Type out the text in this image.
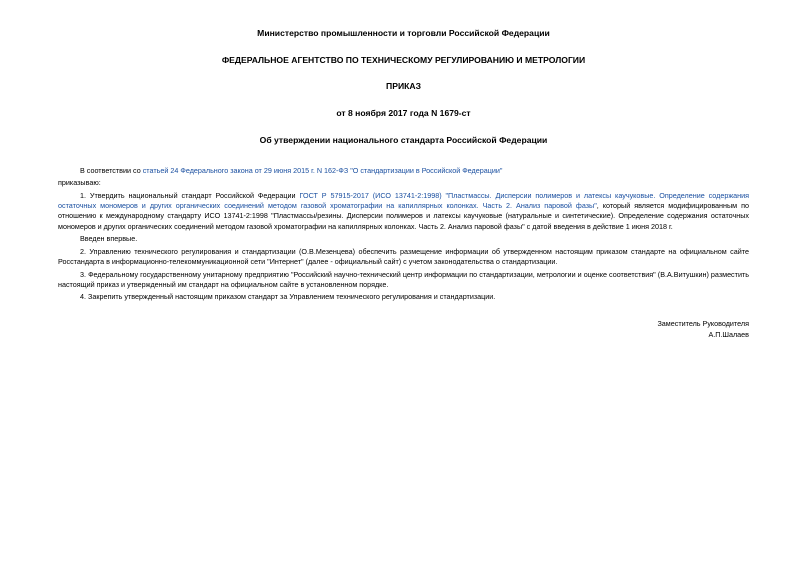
Министерство промышленности и торговли Российской Федерации
ФЕДЕРАЛЬНОЕ АГЕНТСТВО ПО ТЕХНИЧЕСКОМУ РЕГУЛИРОВАНИЮ И МЕТРОЛОГИИ
ПРИКАЗ
от 8 ноября 2017 года N 1679-ст
Об утверждении национального стандарта Российской Федерации

В соответствии со статьей 24 Федерального закона от 29 июня 2015 г. N 162-ФЗ "О стандартизации в Российской Федерации"

приказываю:

1. Утвердить национальный стандарт Российской Федерации ГОСТ Р 57915-2017 (ИСО 13741-2:1998) "Пластмассы. Дисперсии полимеров и латексы каучуковые. Определение содержания остаточных мономеров и других органических соединений методом газовой хроматографии на капиллярных колонках. Часть 2. Анализ паровой фазы", который является модифицированным по отношению к международному стандарту ИСО 13741-2:1998 "Пластмассы/резины. Дисперсии полимеров и латексы каучуковые (натуральные и синтетические). Определение содержания остаточных мономеров и других органических соединений методом газовой хроматографии на капиллярных колонках. Часть 2. Анализ паровой фазы" с датой введения в действие 1 июня 2018 г.

Введен впервые.

2. Управлению технического регулирования и стандартизации (О.В.Мезенцева) обеспечить размещение информации об утвержденном настоящим приказом стандарте на официальном сайте Росстандарта в информационно-телекоммуникационной сети "Интернет" (далее - официальный сайт) с учетом законодательства о стандартизации.

3. Федеральному государственному унитарному предприятию "Российский научно-технический центр информации по стандартизации, метрологии и оценке соответствия" (В.А.Витушкин) разместить настоящий приказ и утвержденный им стандарт на официальном сайте в установленном порядке.

4. Закрепить утвержденный настоящим приказом стандарт за Управлением технического регулирования и стандартизации.

Заместитель Руководителя
А.П.Шалаев
